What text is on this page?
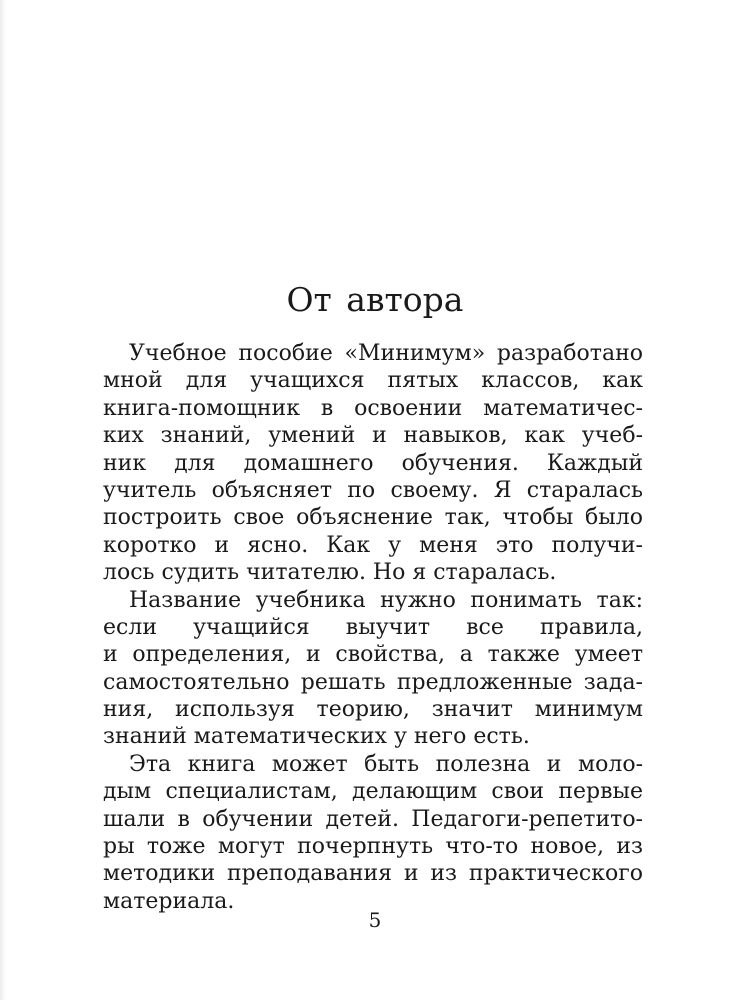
От автора
Учебное пособие «Минимум» разработано
мной для учащихся пятых классов, как
книга-помощник в освоении математичес-
ких знаний, умений и навыков, как учеб-
ник для домашнего обучения. Каждый
учитель объясняет по своему. Я старалась
построить свое объяснение так, чтобы было
коротко и ясно. Как у меня это получи-
лось судить читателю. Но я старалась.
Название учебника нужно понимать так:
если учащийся выучит все правила,
и определения, и свойства, а также умеет
самостоятельно решать предложенные зада-
ния, используя теорию, значит минимум
знаний математических у него есть.
Эта книга может быть полезна и моло-
дым специалистам, делающим свои первые
шали в обучении детей. Педагоги-репетито-
ры тоже могут почерпнуть что-то новое, из
методики преподавания и из практического
материала.
5
